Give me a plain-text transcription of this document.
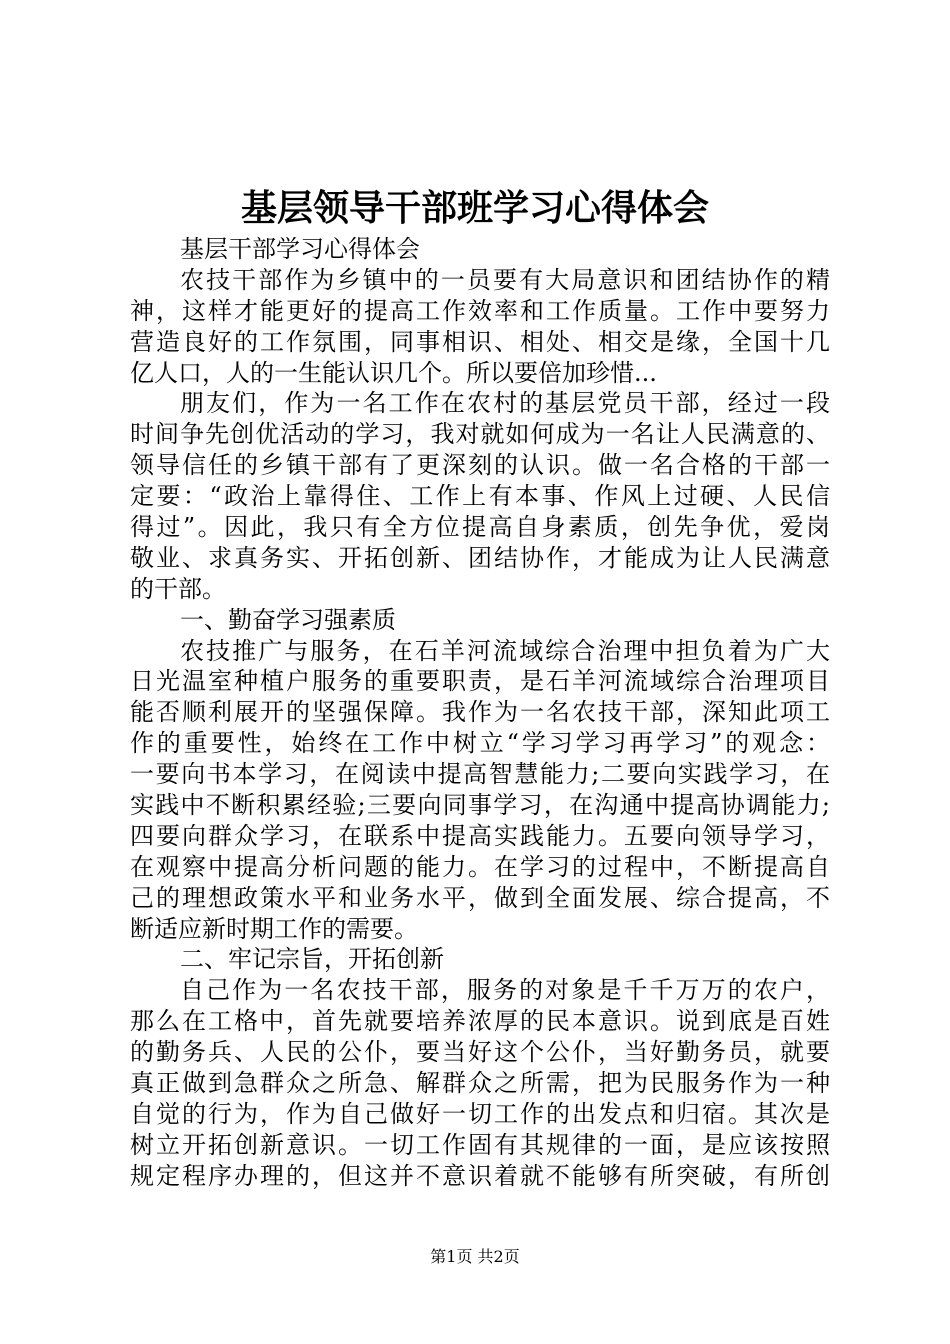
基层领导干部班学习心得体会
基层干部学习心得体会
农技干部作为乡镇中的一员要有大局意识和团结协作的精
神，这样才能更好的提高工作效率和工作质量。工作中要努力
营造良好的工作氛围，同事相识、相处、相交是缘，全国十几
亿人口，人的一生能认识几个。所以要倍加珍惜...
朋友们，作为一名工作在农村的基层党员干部，经过一段
时间争先创优活动的学习，我对就如何成为一名让人民满意的、
领导信任的乡镇干部有了更深刻的认识。做一名合格的干部一
定要：“政治上靠得住、工作上有本事、作风上过硬、人民信
得过”。因此，我只有全方位提高自身素质，创先争优，爱岗
敬业、求真务实、开拓创新、团结协作，才能成为让人民满意
的干部。
一、勤奋学习强素质
农技推广与服务，在石羊河流域综合治理中担负着为广大
日光温室种植户服务的重要职责，是石羊河流域综合治理项目
能否顺利展开的坚强保障。我作为一名农技干部，深知此项工
作的重要性，始终在工作中树立“学习学习再学习”的观念：
一要向书本学习，在阅读中提高智慧能力;二要向实践学习，在
实践中不断积累经验;三要向同事学习，在沟通中提高协调能力;
四要向群众学习，在联系中提高实践能力。五要向领导学习，
在观察中提高分析问题的能力。在学习的过程中，不断提高自
己的理想政策水平和业务水平，做到全面发展、综合提高，不
断适应新时期工作的需要。
二、牢记宗旨，开拓创新
自己作为一名农技干部，服务的对象是千千万万的农户，
那么在工格中，首先就要培养浓厚的民本意识。说到底是百姓
的勤务兵、人民的公仆，要当好这个公仆，当好勤务员，就要
真正做到急群众之所急、解群众之所需，把为民服务作为一种
自觉的行为，作为自己做好一切工作的出发点和归宿。其次是
树立开拓创新意识。一切工作固有其规律的一面，是应该按照
规定程序办理的，但这并不意识着就不能够有所突破，有所创
第1页 共2页
